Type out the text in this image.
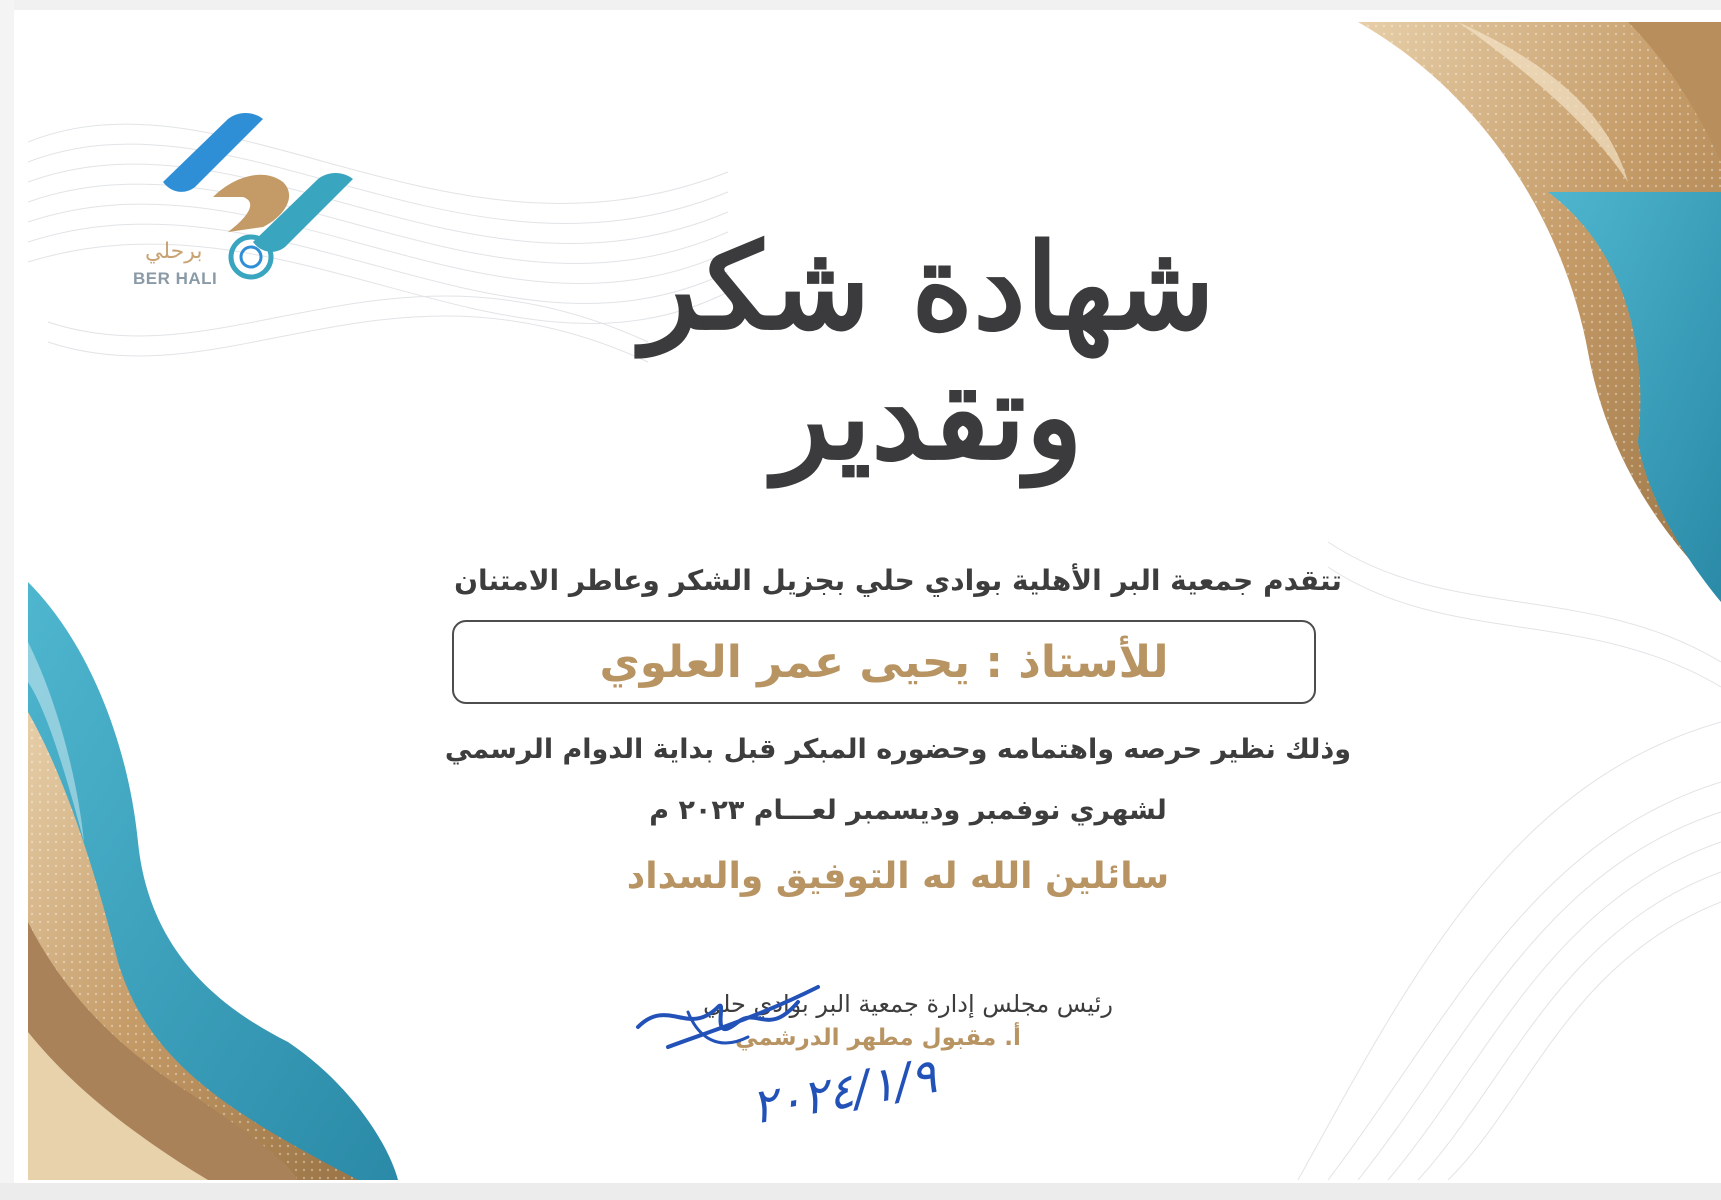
برحلي
BER HALI	شهادة شكر وتقدير
تتقدم جمعية البر الأهلية بوادي حلي بجزيل الشكر وعاطر الامتنان
للأستاذ : يحيى عمر العلوي
وذلك نظير حرصه واهتمامه وحضوره المبكر قبل بداية الدوام الرسمي
لشهري نوفمبر وديسمبر لعـــام ٢٠٢٣ م
سائلين الله له التوفيق والسداد
رئيس مجلس إدارة جمعية البر بوادي حلي
أ. مقبول مطهر الدرشمي
٢٠٢٤/١/٩
